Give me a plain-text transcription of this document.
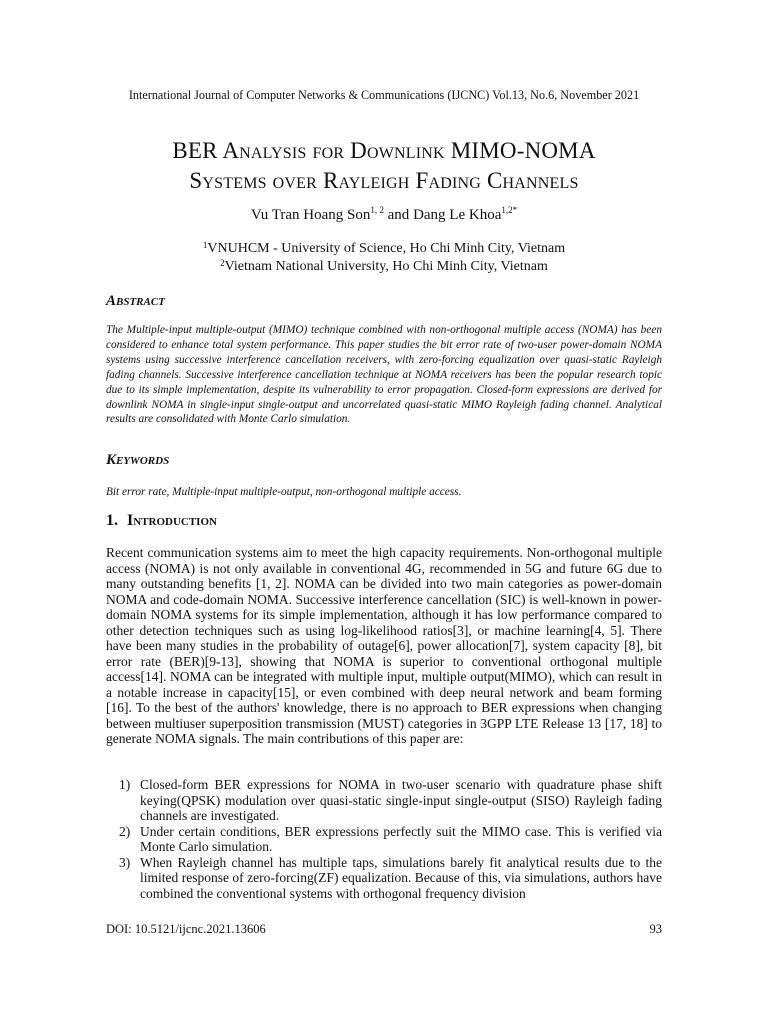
International Journal of Computer Networks & Communications (IJCNC) Vol.13, No.6, November 2021
BER Analysis for Downlink MIMO-NOMA
Systems over Rayleigh Fading Channels
Vu Tran Hoang Son$^{1, 2}$ and Dang Le Khoa$^{1,2*}$
$^1$VNUHCM - University of Science, Ho Chi Minh City, Vietnam
$^2$Vietnam National University, Ho Chi Minh City, Vietnam
Abstract
The Multiple-input multiple-output (MIMO) technique combined with non-orthogonal multiple access (NOMA) has been considered to enhance total system performance. This paper studies the bit error rate of two-user power-domain NOMA systems using successive interference cancellation receivers, with zero-forcing equalization over quasi-static Rayleigh fading channels. Successive interference cancellation technique at NOMA receivers has been the popular research topic due to its simple implementation, despite its vulnerability to error propagation. Closed-form expressions are derived for downlink NOMA in single-input single-output and uncorrelated quasi-static MIMO Rayleigh fading channel. Analytical results are consolidated with Monte Carlo simulation.
Keywords
Bit error rate, Multiple-input multiple-output, non-orthogonal multiple access.
1. Introduction
Recent communication systems aim to meet the high capacity requirements. Non-orthogonal multiple access (NOMA) is not only available in conventional 4G, recommended in 5G and future 6G due to many outstanding benefits [1, 2]. NOMA can be divided into two main categories as power-domain NOMA and code-domain NOMA. Successive interference cancellation (SIC) is well-known in power-domain NOMA systems for its simple implementation, although it has low performance compared to other detection techniques such as using log-likelihood ratios[3], or machine learning[4, 5]. There have been many studies in the probability of outage[6], power allocation[7], system capacity [8], bit error rate (BER)[9-13], showing that NOMA is superior to conventional orthogonal multiple access[14]. NOMA can be integrated with multiple input, multiple output(MIMO), which can result in a notable increase in capacity[15], or even combined with deep neural network and beam forming [16]. To the best of the authors' knowledge, there is no approach to BER expressions when changing between multiuser superposition transmission (MUST) categories in 3GPP LTE Release 13 [17, 18] to generate NOMA signals. The main contributions of this paper are:
1) Closed-form BER expressions for NOMA in two-user scenario with quadrature phase shift keying(QPSK) modulation over quasi-static single-input single-output (SISO) Rayleigh fading channels are investigated.
2) Under certain conditions, BER expressions perfectly suit the MIMO case. This is verified via Monte Carlo simulation.
3) When Rayleigh channel has multiple taps, simulations barely fit analytical results due to the limited response of zero-forcing(ZF) equalization. Because of this, via simulations, authors have combined the conventional systems with orthogonal frequency division
DOI: 10.5121/ijcnc.2021.13606	93
